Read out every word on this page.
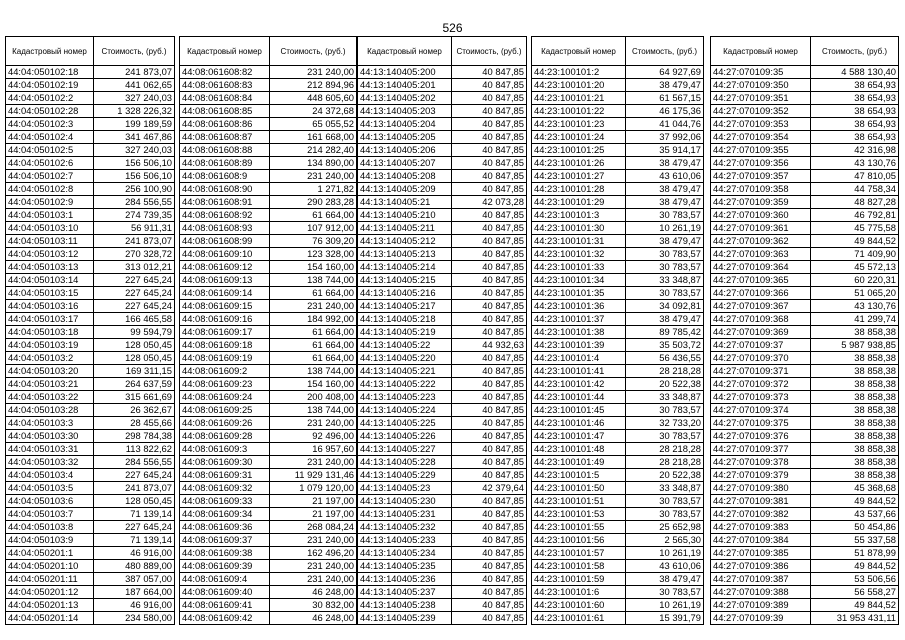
526
Кадастровый номер	Стоимость, (руб.)
44:04:050102:18	241 873,07
44:04:050102:19	441 062,65
44:04:050102:2	327 240,03
44:04:050102:28	1 328 226,32
44:04:050102:3	199 189,59
44:04:050102:4	341 467,86
44:04:050102:5	327 240,03
44:04:050102:6	156 506,10
44:04:050102:7	156 506,10
44:04:050102:8	256 100,90
44:04:050102:9	284 556,55
44:04:050103:1	274 739,35
44:04:050103:10	56 911,31
44:04:050103:11	241 873,07
44:04:050103:12	270 328,72
44:04:050103:13	313 012,21
44:04:050103:14	227 645,24
44:04:050103:15	227 645,24
44:04:050103:16	227 645,24
44:04:050103:17	166 465,58
44:04:050103:18	99 594,79
44:04:050103:19	128 050,45
44:04:050103:2	128 050,45
44:04:050103:20	169 311,15
44:04:050103:21	264 637,59
44:04:050103:22	315 661,69
44:04:050103:28	26 362,67
44:04:050103:3	28 455,66
44:04:050103:30	298 784,38
44:04:050103:31	113 822,62
44:04:050103:32	284 556,55
44:04:050103:4	227 645,24
44:04:050103:5	241 873,07
44:04:050103:6	128 050,45
44:04:050103:7	71 139,14
44:04:050103:8	227 645,24
44:04:050103:9	71 139,14
44:04:050201:1	46 916,00
44:04:050201:10	480 889,00
44:04:050201:11	387 057,00
44:04:050201:12	187 664,00
44:04:050201:13	46 916,00
44:04:050201:14	234 580,00
Кадастровый номер	Стоимость, (руб.)
44:08:061608:82	231 240,00
44:08:061608:83	212 894,96
44:08:061608:84	448 605,60
44:08:061608:85	24 372,68
44:08:061608:86	65 055,52
44:08:061608:87	161 668,00
44:08:061608:88	214 282,40
44:08:061608:89	134 890,00
44:08:061608:9	231 240,00
44:08:061608:90	1 271,82
44:08:061608:91	290 283,28
44:08:061608:92	61 664,00
44:08:061608:93	107 912,00
44:08:061608:99	76 309,20
44:08:061609:10	123 328,00
44:08:061609:12	154 160,00
44:08:061609:13	138 744,00
44:08:061609:14	61 664,00
44:08:061609:15	231 240,00
44:08:061609:16	184 992,00
44:08:061609:17	61 664,00
44:08:061609:18	61 664,00
44:08:061609:19	61 664,00
44:08:061609:2	138 744,00
44:08:061609:23	154 160,00
44:08:061609:24	200 408,00
44:08:061609:25	138 744,00
44:08:061609:26	231 240,00
44:08:061609:28	92 496,00
44:08:061609:3	16 957,60
44:08:061609:30	231 240,00
44:08:061609:31	11 929 131,46
44:08:061609:32	1 079 120,00
44:08:061609:33	21 197,00
44:08:061609:34	21 197,00
44:08:061609:36	268 084,24
44:08:061609:37	231 240,00
44:08:061609:38	162 496,20
44:08:061609:39	231 240,00
44:08:061609:4	231 240,00
44:08:061609:40	46 248,00
44:08:061609:41	30 832,00
44:08:061609:42	46 248,00
Кадастровый номер	Стоимость, (руб.)
44:13:140405:200	40 847,85
44:13:140405:201	40 847,85
44:13:140405:202	40 847,85
44:13:140405:203	40 847,85
44:13:140405:204	40 847,85
44:13:140405:205	40 847,85
44:13:140405:206	40 847,85
44:13:140405:207	40 847,85
44:13:140405:208	40 847,85
44:13:140405:209	40 847,85
44:13:140405:21	42 073,28
44:13:140405:210	40 847,85
44:13:140405:211	40 847,85
44:13:140405:212	40 847,85
44:13:140405:213	40 847,85
44:13:140405:214	40 847,85
44:13:140405:215	40 847,85
44:13:140405:216	40 847,85
44:13:140405:217	40 847,85
44:13:140405:218	40 847,85
44:13:140405:219	40 847,85
44:13:140405:22	44 932,63
44:13:140405:220	40 847,85
44:13:140405:221	40 847,85
44:13:140405:222	40 847,85
44:13:140405:223	40 847,85
44:13:140405:224	40 847,85
44:13:140405:225	40 847,85
44:13:140405:226	40 847,85
44:13:140405:227	40 847,85
44:13:140405:228	40 847,85
44:13:140405:229	40 847,85
44:13:140405:23	42 379,64
44:13:140405:230	40 847,85
44:13:140405:231	40 847,85
44:13:140405:232	40 847,85
44:13:140405:233	40 847,85
44:13:140405:234	40 847,85
44:13:140405:235	40 847,85
44:13:140405:236	40 847,85
44:13:140405:237	40 847,85
44:13:140405:238	40 847,85
44:13:140405:239	40 847,85
Кадастровый номер	Стоимость, (руб.)
44:23:100101:2	64 927,69
44:23:100101:20	38 479,47
44:23:100101:21	61 567,15
44:23:100101:22	46 175,36
44:23:100101:23	41 044,76
44:23:100101:24	37 992,06
44:23:100101:25	35 914,17
44:23:100101:26	38 479,47
44:23:100101:27	43 610,06
44:23:100101:28	38 479,47
44:23:100101:29	38 479,47
44:23:100101:3	30 783,57
44:23:100101:30	10 261,19
44:23:100101:31	38 479,47
44:23:100101:32	30 783,57
44:23:100101:33	30 783,57
44:23:100101:34	33 348,87
44:23:100101:35	30 783,57
44:23:100101:36	34 092,81
44:23:100101:37	38 479,47
44:23:100101:38	89 785,42
44:23:100101:39	35 503,72
44:23:100101:4	56 436,55
44:23:100101:41	28 218,28
44:23:100101:42	20 522,38
44:23:100101:44	33 348,87
44:23:100101:45	30 783,57
44:23:100101:46	32 733,20
44:23:100101:47	30 783,57
44:23:100101:48	28 218,28
44:23:100101:49	28 218,28
44:23:100101:5	20 522,38
44:23:100101:50	33 348,87
44:23:100101:51	30 783,57
44:23:100101:53	30 783,57
44:23:100101:55	25 652,98
44:23:100101:56	2 565,30
44:23:100101:57	10 261,19
44:23:100101:58	43 610,06
44:23:100101:59	38 479,47
44:23:100101:6	30 783,57
44:23:100101:60	10 261,19
44:23:100101:61	15 391,79
Кадастровый номер	Стоимость, (руб.)
44:27:070109:35	4 588 130,40
44:27:070109:350	38 654,93
44:27:070109:351	38 654,93
44:27:070109:352	38 654,93
44:27:070109:353	38 654,93
44:27:070109:354	38 654,93
44:27:070109:355	42 316,98
44:27:070109:356	43 130,76
44:27:070109:357	47 810,05
44:27:070109:358	44 758,34
44:27:070109:359	48 827,28
44:27:070109:360	46 792,81
44:27:070109:361	45 775,58
44:27:070109:362	49 844,52
44:27:070109:363	71 409,90
44:27:070109:364	45 572,13
44:27:070109:365	60 220,31
44:27:070109:366	51 065,20
44:27:070109:367	43 130,76
44:27:070109:368	41 299,74
44:27:070109:369	38 858,38
44:27:070109:37	5 987 938,85
44:27:070109:370	38 858,38
44:27:070109:371	38 858,38
44:27:070109:372	38 858,38
44:27:070109:373	38 858,38
44:27:070109:374	38 858,38
44:27:070109:375	38 858,38
44:27:070109:376	38 858,38
44:27:070109:377	38 858,38
44:27:070109:378	38 858,38
44:27:070109:379	38 858,38
44:27:070109:380	45 368,68
44:27:070109:381	49 844,52
44:27:070109:382	43 537,66
44:27:070109:383	50 454,86
44:27:070109:384	55 337,58
44:27:070109:385	51 878,99
44:27:070109:386	49 844,52
44:27:070109:387	53 506,56
44:27:070109:388	56 558,27
44:27:070109:389	49 844,52
44:27:070109:39	31 953 431,11
